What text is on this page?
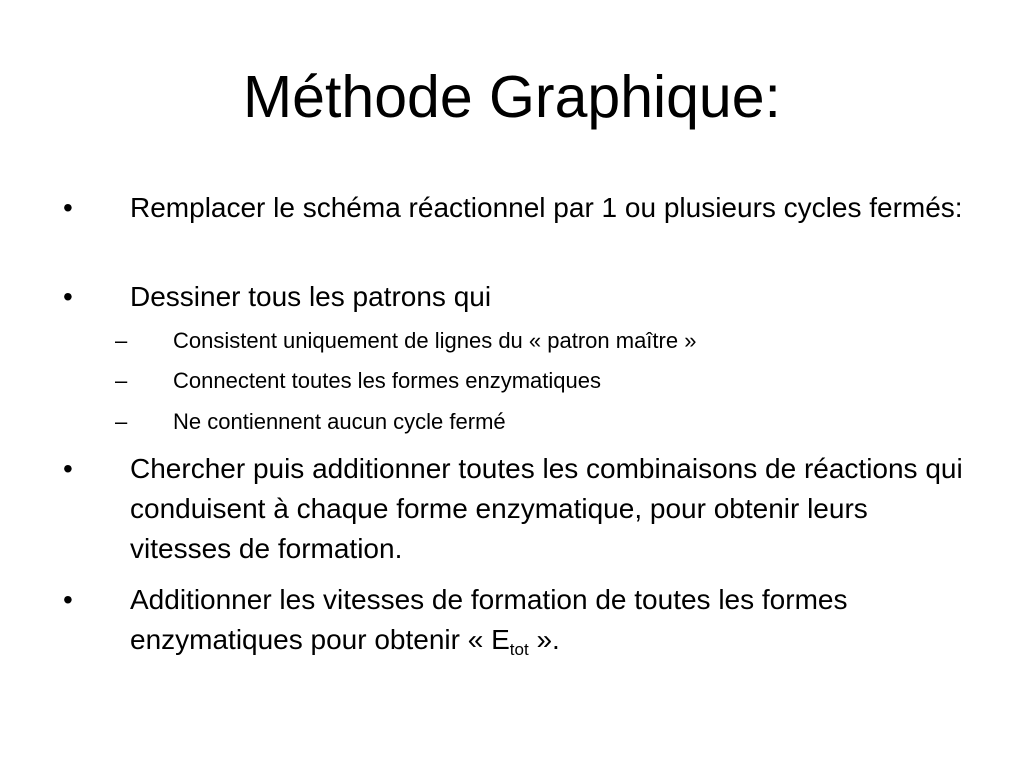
Méthode Graphique:
• Remplacer le schéma réactionnel par 1 ou plusieurs cycles fermés:
• Dessiner tous les patrons qui
– Consistent uniquement de lignes du « patron maître »
– Connectent toutes les formes enzymatiques
– Ne contiennent aucun cycle fermé
• Chercher puis additionner toutes les combinaisons de réactions qui conduisent à chaque forme enzymatique, pour obtenir leurs vitesses de formation.
• Additionner les vitesses de formation de toutes les formes enzymatiques pour obtenir « $E_{tot}$ ».
